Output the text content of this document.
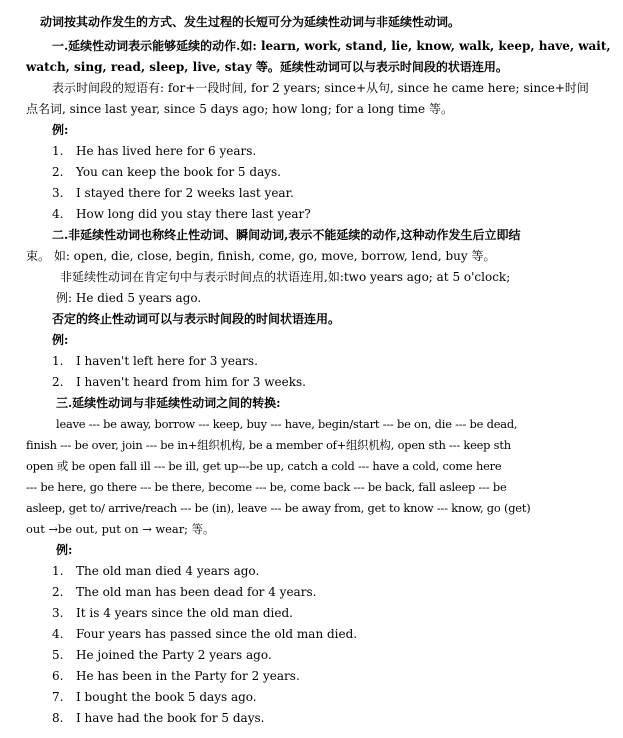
动词按其动作发生的方式、发生过程的长短可分为延续性动词与非延续性动词。
一.延续性动词表示能够延续的动作.如: learn, work, stand, lie, know, walk, keep, have, wait,
watch, sing, read, sleep, live, stay 等。延续性动词可以与表示时间段的状语连用。
表示时间段的短语有: for+一段时间, for 2 years; since+从句, since he came here; since+时间
点名词, since last year, since 5 days ago; how long; for a long time 等。
例:
1. He has lived here for 6 years.
2. You can keep the book for 5 days.
3. I stayed there for 2 weeks last year.
4. How long did you stay there last year?
二.非延续性动词也称终止性动词、瞬间动词,表示不能延续的动作,这种动作发生后立即结
束。 如: open, die, close, begin, finish, come, go, move, borrow, lend, buy 等。
非延续性动词在肯定句中与表示时间点的状语连用,如:two years ago; at 5 o'clock;
例: He died 5 years ago.
否定的终止性动词可以与表示时间段的时间状语连用。
例:
1. I haven't left here for 3 years.
2. I haven't heard from him for 3 weeks.
三.延续性动词与非延续性动词之间的转换:
leave --- be away, borrow --- keep, buy --- have, begin/start --- be on, die --- be dead,
finish --- be over, join --- be in+组织机构, be a member of+组织机构, open sth --- keep sth
open 或 be open fall ill --- be ill, get up---be up, catch a cold --- have a cold, come here
--- be here, go there --- be there, become --- be, come back --- be back, fall asleep --- be
asleep, get to/ arrive/reach --- be (in), leave --- be away from, get to know --- know, go (get)
out →be out, put on → wear; 等。
例:
1. The old man died 4 years ago.
2. The old man has been dead for 4 years.
3. It is 4 years since the old man died.
4. Four years has passed since the old man died.
5. He joined the Party 2 years ago.
6. He has been in the Party for 2 years.
7. I bought the book 5 days ago.
8. I have had the book for 5 days.
